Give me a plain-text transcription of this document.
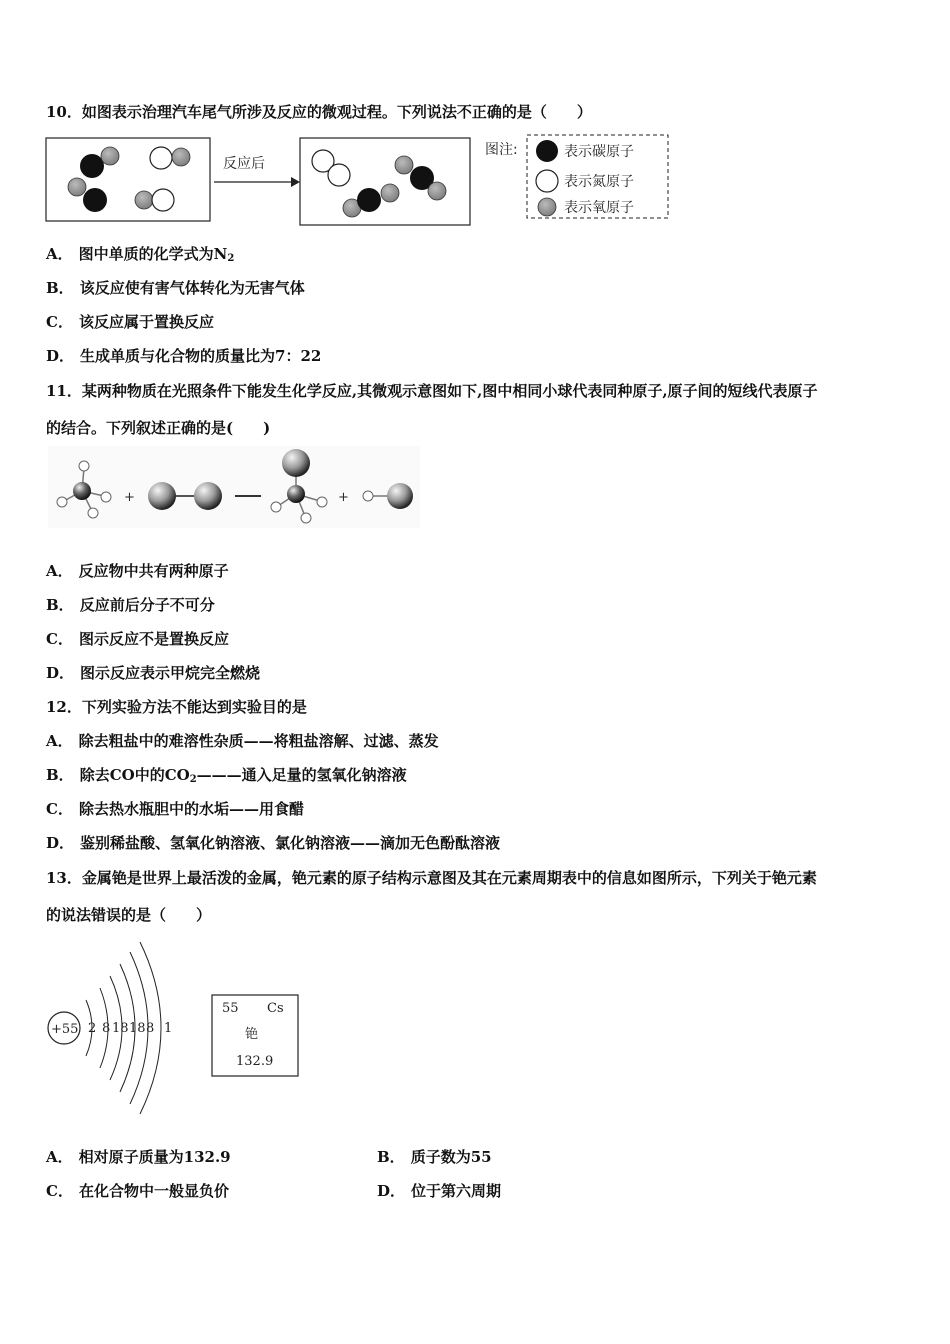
10．如图表示治理汽车尾气所涉及反应的微观过程。下列说法不正确的是（　　）
反应后
图注:	表示碳原子
表示氮原子
表示氧原子
A． 图中单质的化学式为$N_2$
B． 该反应使有害气体转化为无害气体
C． 该反应属于置换反应
D． 生成单质与化合物的质量比为7：22
11．某两种物质在光照条件下能发生化学反应,其微观示意图如下,图中相同小球代表同种原子,原子间的短线代表原子
的结合。下列叙述正确的是(　　)
+	+
A． 反应物中共有两种原子
B． 反应前后分子不可分
C． 图示反应不是置换反应
D． 图示反应表示甲烷完全燃烧
12．下列实验方法不能达到实验目的是
A． 除去粗盐中的难溶性杂质——将粗盐溶解、过滤、蒸发
B． 除去CO中的$CO_2———$通入足量的氢氧化钠溶液
C． 除去热水瓶胆中的水垢——用食醋
D． 鉴别稀盐酸、氢氧化钠溶液、氯化钠溶液——滴加无色酚酞溶液
13．金属铯是世界上最活泼的金属，铯元素的原子结构示意图及其在元素周期表中的信息如图所示，下列关于铯元素
的说法错误的是（　　）
+55 2 8 18 18 8 1
55 Cs
铯
132.9
A． 相对原子质量为132.9	B． 质子数为55
C． 在化合物中一般显负价	D． 位于第六周期
